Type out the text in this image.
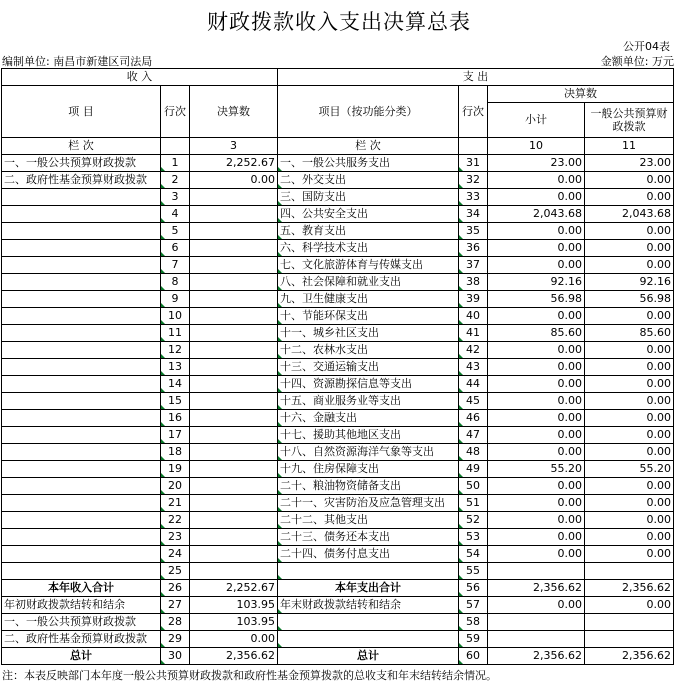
财政拨款收入支出决算总表
公开04表
编制单位: 南昌市新建区司法局	金额单位: 万元
收 入			支 出			
项 目	行次	决算数	项目（按功能分类）	行次	决算数	
					小计	一般公共预算财政拨款
栏 次		3	栏 次		10	11
一、一般公共预算财政拨款	1	2,252.67	一、一般公共服务支出	31	23.00	23.00
二、政府性基金预算财政拨款	2	0.00	二、外交支出	32	0.00	0.00
	3		三、国防支出	33	0.00	0.00
	4		四、公共安全支出	34	2,043.68	2,043.68
	5		五、教育支出	35	0.00	0.00
	6		六、科学技术支出	36	0.00	0.00
	7		七、文化旅游体育与传媒支出	37	0.00	0.00
	8		八、社会保障和就业支出	38	92.16	92.16
	9		九、卫生健康支出	39	56.98	56.98
	10		十、节能环保支出	40	0.00	0.00
	11		十一、城乡社区支出	41	85.60	85.60
	12		十二、农林水支出	42	0.00	0.00
	13		十三、交通运输支出	43	0.00	0.00
	14		十四、资源勘探信息等支出	44	0.00	0.00
	15		十五、商业服务业等支出	45	0.00	0.00
	16		十六、金融支出	46	0.00	0.00
	17		十七、援助其他地区支出	47	0.00	0.00
	18		十八、自然资源海洋气象等支出	48	0.00	0.00
	19		十九、住房保障支出	49	55.20	55.20
	20		二十、粮油物资储备支出	50	0.00	0.00
	21		二十一、灾害防治及应急管理支出	51	0.00	0.00
	22		二十二、其他支出	52	0.00	0.00
	23		二十三、债务还本支出	53	0.00	0.00
	24		二十四、债务付息支出	54	0.00	0.00
	25			55		
本年收入合计	26	2,252.67	本年支出合计	56	2,356.62	2,356.62
年初财政拨款结转和结余	27	103.95	年末财政拨款结转和结余	57	0.00	0.00
一、一般公共预算财政拨款	28	103.95		58		
二、政府性基金预算财政拨款	29	0.00		59		
总计	30	2,356.62	总计	60	2,356.62	2,356.62
注：本表反映部门本年度一般公共预算财政拨款和政府性基金预算拨款的总收支和年末结转结余情况。
